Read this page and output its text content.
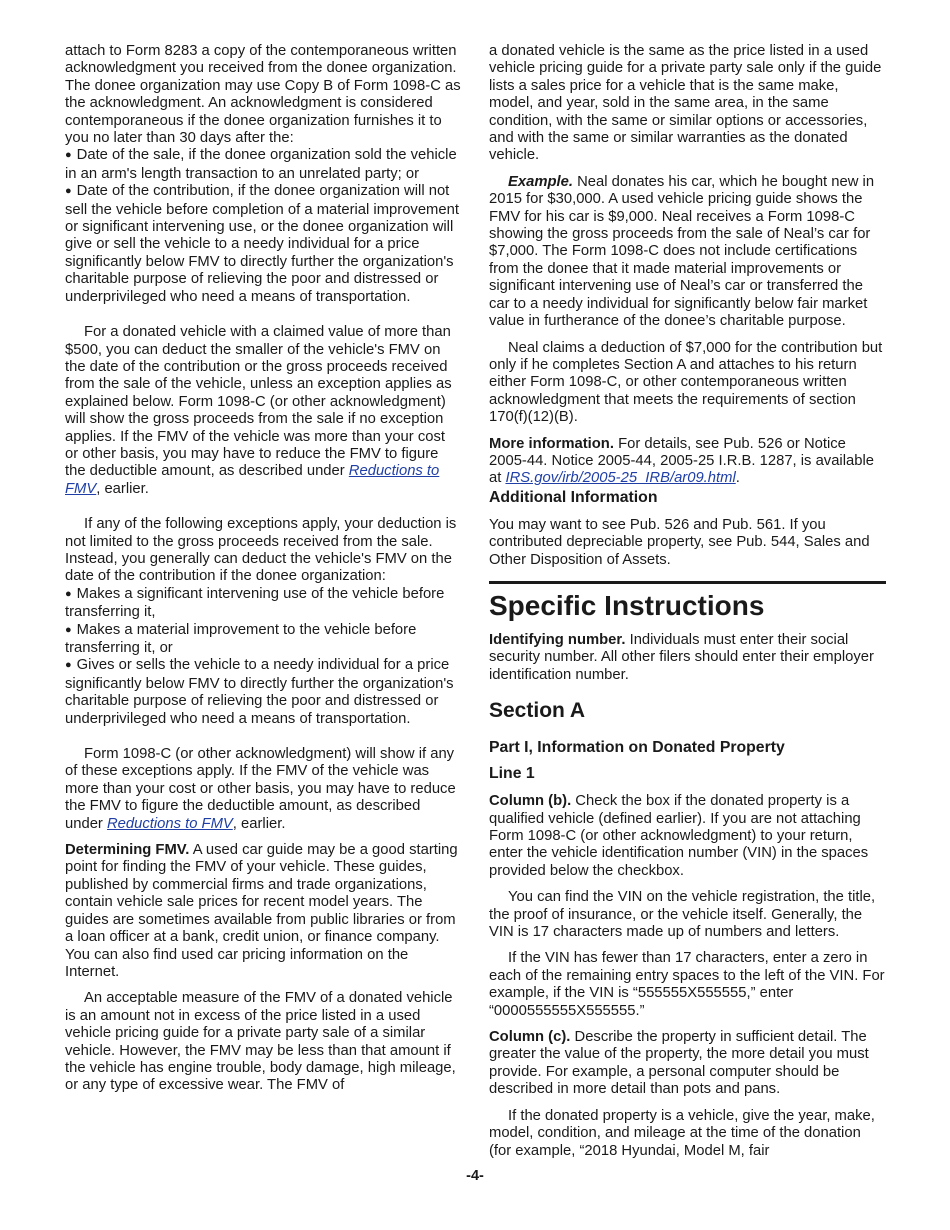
attach to Form 8283 a copy of the contemporaneous written acknowledgment you received from the donee organization. The donee organization may use Copy B of Form 1098-C as the acknowledgment. An acknowledgment is considered contemporaneous if the donee organization furnishes it to you no later than 30 days after the:

● Date of the sale, if the donee organization sold the vehicle in an arm's length transaction to an unrelated party; or

● Date of the contribution, if the donee organization will not sell the vehicle before completion of a material improvement or significant intervening use, or the donee organization will give or sell the vehicle to a needy individual for a price significantly below FMV to directly further the organization's charitable purpose of relieving the poor and distressed or underprivileged who need a means of transportation.

For a donated vehicle with a claimed value of more than $500, you can deduct the smaller of the vehicle's FMV on the date of the contribution or the gross proceeds received from the sale of the vehicle, unless an exception applies as explained below. Form 1098-C (or other acknowledgment) will show the gross proceeds from the sale if no exception applies. If the FMV of the vehicle was more than your cost or other basis, you may have to reduce the FMV to figure the deductible amount, as described under Reductions to FMV, earlier.

If any of the following exceptions apply, your deduction is not limited to the gross proceeds received from the sale. Instead, you generally can deduct the vehicle's FMV on the date of the contribution if the donee organization:

● Makes a significant intervening use of the vehicle before transferring it,

● Makes a material improvement to the vehicle before transferring it, or

● Gives or sells the vehicle to a needy individual for a price significantly below FMV to directly further the organization's charitable purpose of relieving the poor and distressed or underprivileged who need a means of transportation.

Form 1098-C (or other acknowledgment) will show if any of these exceptions apply. If the FMV of the vehicle was more than your cost or other basis, you may have to reduce the FMV to figure the deductible amount, as described under Reductions to FMV, earlier.

Determining FMV. A used car guide may be a good starting point for finding the FMV of your vehicle. These guides, published by commercial firms and trade organizations, contain vehicle sale prices for recent model years. The guides are sometimes available from public libraries or from a loan officer at a bank, credit union, or finance company. You can also find used car pricing information on the Internet.

An acceptable measure of the FMV of a donated vehicle is an amount not in excess of the price listed in a used vehicle pricing guide for a private party sale of a similar vehicle. However, the FMV may be less than that amount if the vehicle has engine trouble, body damage, high mileage, or any type of excessive wear. The FMV of

a donated vehicle is the same as the price listed in a used vehicle pricing guide for a private party sale only if the guide lists a sales price for a vehicle that is the same make, model, and year, sold in the same area, in the same condition, with the same or similar options or accessories, and with the same or similar warranties as the donated vehicle.

Example. Neal donates his car, which he bought new in 2015 for $30,000. A used vehicle pricing guide shows the FMV for his car is $9,000. Neal receives a Form 1098-C showing the gross proceeds from the sale of Neal’s car for $7,000. The Form 1098-C does not include certifications from the donee that it made material improvements or significant intervening use of Neal’s car or transferred the car to a needy individual for significantly below fair market value in furtherance of the donee’s charitable purpose.

Neal claims a deduction of $7,000 for the contribution but only if he completes Section A and attaches to his return either Form 1098-C, or other contemporaneous written acknowledgment that meets the requirements of section 170(f)(12)(B).

More information. For details, see Pub. 526 or Notice 2005-44. Notice 2005-44, 2005-25 I.R.B. 1287, is available at IRS.gov/irb/2005-25_IRB/ar09.html.

Additional Information

You may want to see Pub. 526 and Pub. 561. If you contributed depreciable property, see Pub. 544, Sales and Other Disposition of Assets.

Specific Instructions

Identifying number. Individuals must enter their social security number. All other filers should enter their employer identification number.

Section A
Part I, Information on Donated Property
Line 1

Column (b). Check the box if the donated property is a qualified vehicle (defined earlier). If you are not attaching Form 1098-C (or other acknowledgment) to your return, enter the vehicle identification number (VIN) in the spaces provided below the checkbox.

You can find the VIN on the vehicle registration, the title, the proof of insurance, or the vehicle itself. Generally, the VIN is 17 characters made up of numbers and letters.

If the VIN has fewer than 17 characters, enter a zero in each of the remaining entry spaces to the left of the VIN. For example, if the VIN is “555555X555555,” enter “0000555555X555555.”

Column (c). Describe the property in sufficient detail. The greater the value of the property, the more detail you must provide. For example, a personal computer should be described in more detail than pots and pans.

If the donated property is a vehicle, give the year, make, model, condition, and mileage at the time of the donation (for example, “2018 Hyundai, Model M, fair

-4-
